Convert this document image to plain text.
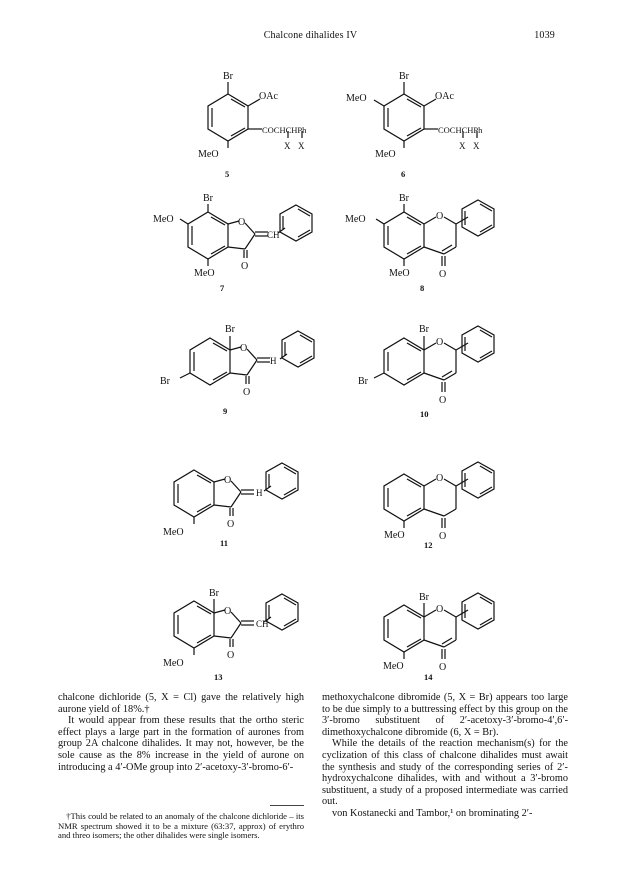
Chalcone dihalides IV	1039
Br
OAc
COCHCHPh
MeO
X X
5
Br
MeO	OAc
COCHCHPh
MeO
X X
6
MeO
Br
O
CH
MeO
O
7
MeO
Br
O
MeO	O
8
Br
Br
O
H
O
9
Br
Br
O
O
10
O
H
MeO
O
11
O
MeO	O
12
Br
O
CH
MeO
O
13
Br
O
MeO	O
14

chalcone dichloride (5, X = Cl) gave the relatively high aurone yield of 18%.†

It would appear from these results that the ortho steric effect plays a large part in the formation of aurones from group 2A chalcone dihalides. It may not, however, be the sole cause as the 8% increase in the yield of aurone on introducing a 4′-OMe group into 2′-acetoxy-3′-bromo-6′-

methoxychalcone dibromide (5, X = Br) appears too large to be due simply to a buttressing effect by this group on the 3′-bromo substituent of 2′-acetoxy-3′-bromo-4′,6′-dimethoxychalcone dibromide (6, X = Br).

While the details of the reaction mechanism(s) for the cyclization of this class of chalcone dihalides must await the synthesis and study of the corresponding series of 2′-hydroxychalcone dihalides, with and without a 3′-bromo substituent, a study of a proposed intermediate was carried out.

von Kostanecki and Tambor,¹ on brominating 2′-

†This could be related to an anomaly of the chalcone dichloride – its NMR spectrum showed it to be a mixture (63:37, approx) of erythro and threo isomers; the other dihalides were single isomers.
